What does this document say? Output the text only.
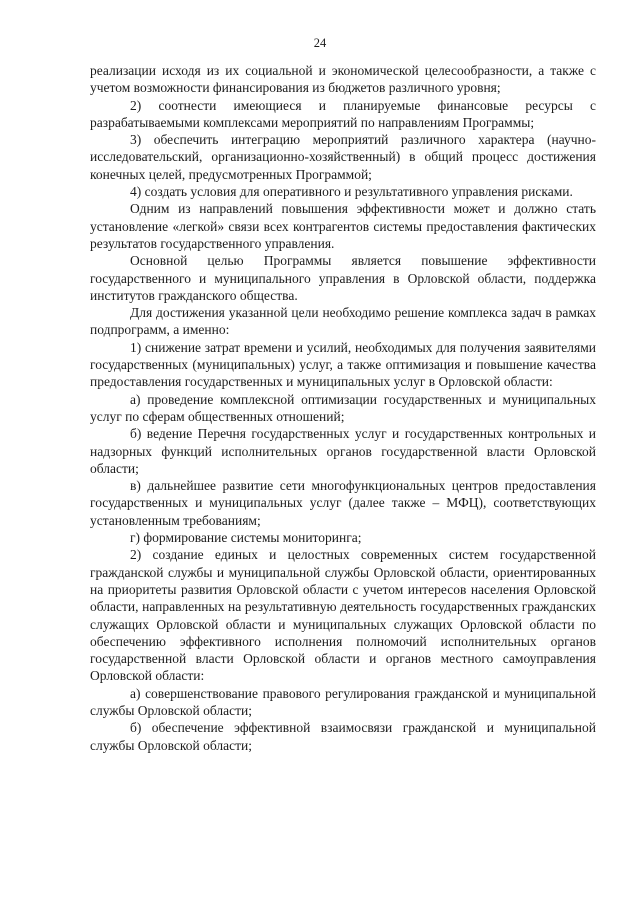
24

реализации исходя из их социальной и экономической целесообразности, а также с учетом возможности финансирования из бюджетов различного уровня;

2) соотнести имеющиеся и планируемые финансовые ресурсы с разрабатываемыми комплексами мероприятий по направлениям Программы;

3) обеспечить интеграцию мероприятий различного характера (научно-исследовательский, организационно-хозяйственный) в общий процесс достижения конечных целей, предусмотренных Программой;

4) создать условия для оперативного и результативного управления рисками.

Одним из направлений повышения эффективности может и должно стать установление «легкой» связи всех контрагентов системы предоставления фактических результатов государственного управления.

Основной целью Программы является повышение эффективности государственного и муниципального управления в Орловской области, поддержка институтов гражданского общества.

Для достижения указанной цели необходимо решение комплекса задач в рамках подпрограмм, а именно:

1) снижение затрат времени и усилий, необходимых для получения заявителями государственных (муниципальных) услуг, а также оптимизация и повышение качества предоставления государственных и муниципальных услуг в Орловской области:

а) проведение комплексной оптимизации государственных и муниципальных услуг по сферам общественных отношений;

б) ведение Перечня государственных услуг и государственных контрольных и надзорных функций исполнительных органов государственной власти Орловской области;

в) дальнейшее развитие сети многофункциональных центров предоставления государственных и муниципальных услуг (далее также – МФЦ), соответствующих установленным требованиям;

г) формирование системы мониторинга;

2) создание единых и целостных современных систем государственной гражданской службы и муниципальной службы Орловской области, ориентированных на приоритеты развития Орловской области с учетом интересов населения Орловской области, направленных на результативную деятельность государственных гражданских служащих Орловской области и муниципальных служащих Орловской области по обеспечению эффективного исполнения полномочий исполнительных органов государственной власти Орловской области и органов местного самоуправления Орловской области:

а) совершенствование правового регулирования гражданской и муниципальной службы Орловской области;

б) обеспечение эффективной взаимосвязи гражданской и муниципальной службы Орловской области;
